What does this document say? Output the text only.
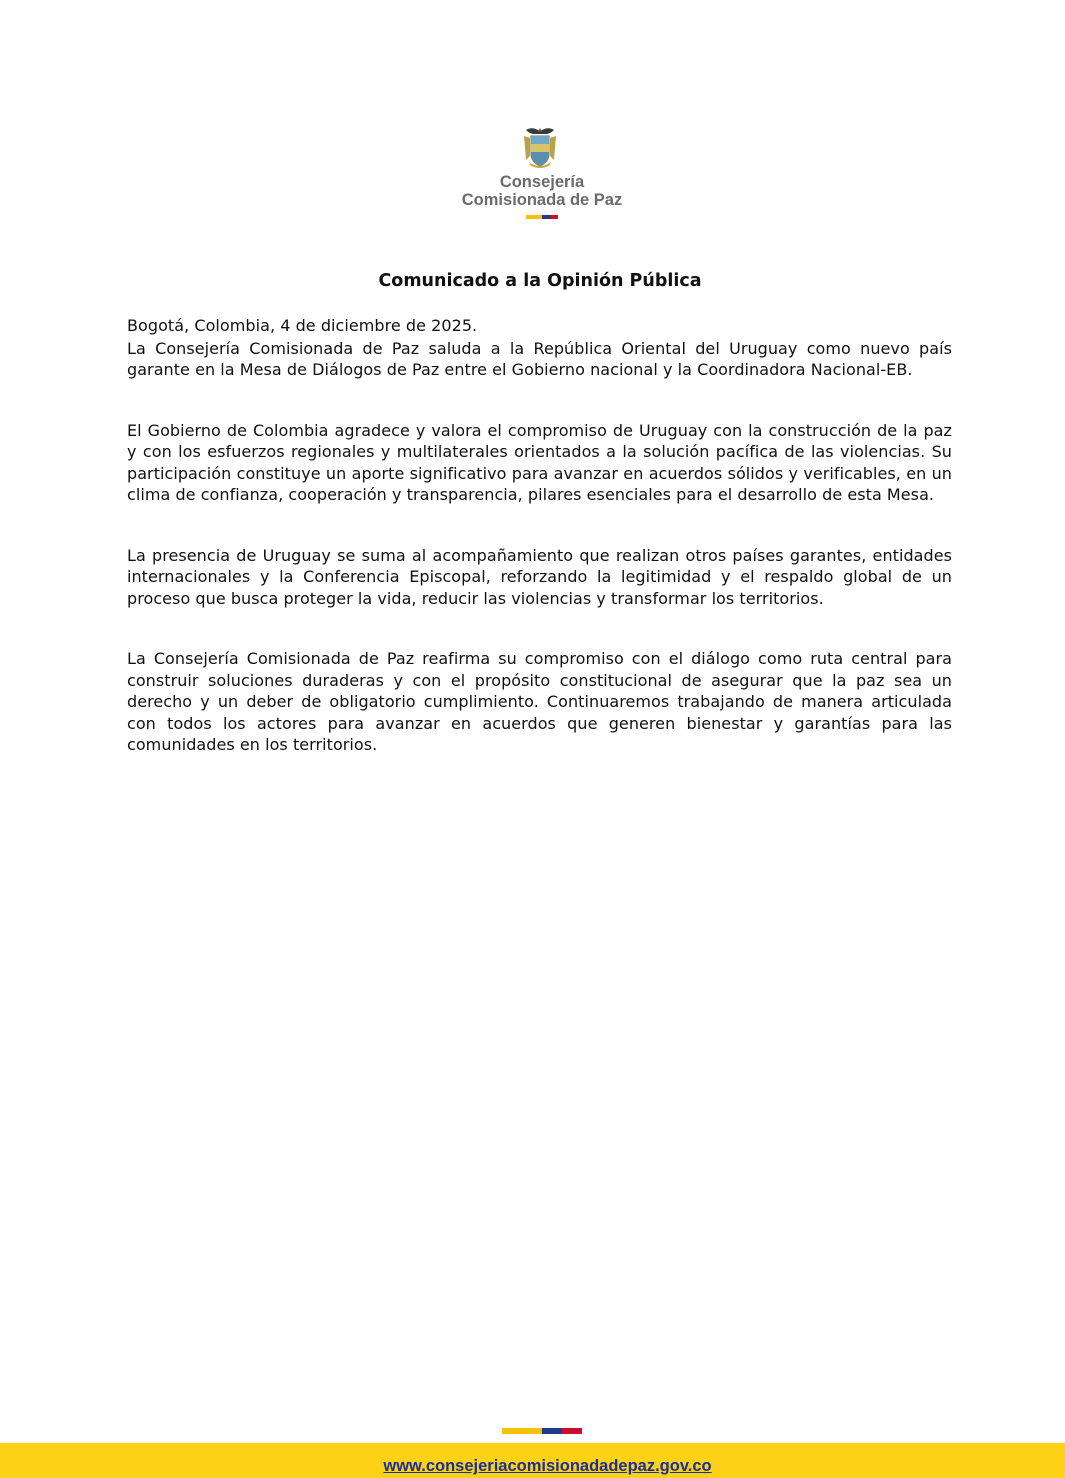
Consejería
Comisionada de Paz
Comunicado a la Opinión Pública

Bogotá, Colombia, 4 de diciembre de 2025.

La Consejería Comisionada de Paz saluda a la República Oriental del Uruguay como nuevo país garante en la Mesa de Diálogos de Paz entre el Gobierno nacional y la Coordinadora Nacional-EB.

El Gobierno de Colombia agradece y valora el compromiso de Uruguay con la construcción de la paz y con los esfuerzos regionales y multilaterales orientados a la solución pacífica de las violencias. Su participación constituye un aporte significativo para avanzar en acuerdos sólidos y verificables, en un clima de confianza, cooperación y transparencia, pilares esenciales para el desarrollo de esta Mesa.

La presencia de Uruguay se suma al acompañamiento que realizan otros países garantes, entidades internacionales y la Conferencia Episcopal, reforzando la legitimidad y el respaldo global de un proceso que busca proteger la vida, reducir las violencias y transformar los territorios.

La Consejería Comisionada de Paz reafirma su compromiso con el diálogo como ruta central para construir soluciones duraderas y con el propósito constitucional de asegurar que la paz sea un derecho y un deber de obligatorio cumplimiento. Continuaremos trabajando de manera articulada con todos los actores para avanzar en acuerdos que generen bienestar y garantías para las comunidades en los territorios.

www.consejeriacomisionadadepaz.gov.co
